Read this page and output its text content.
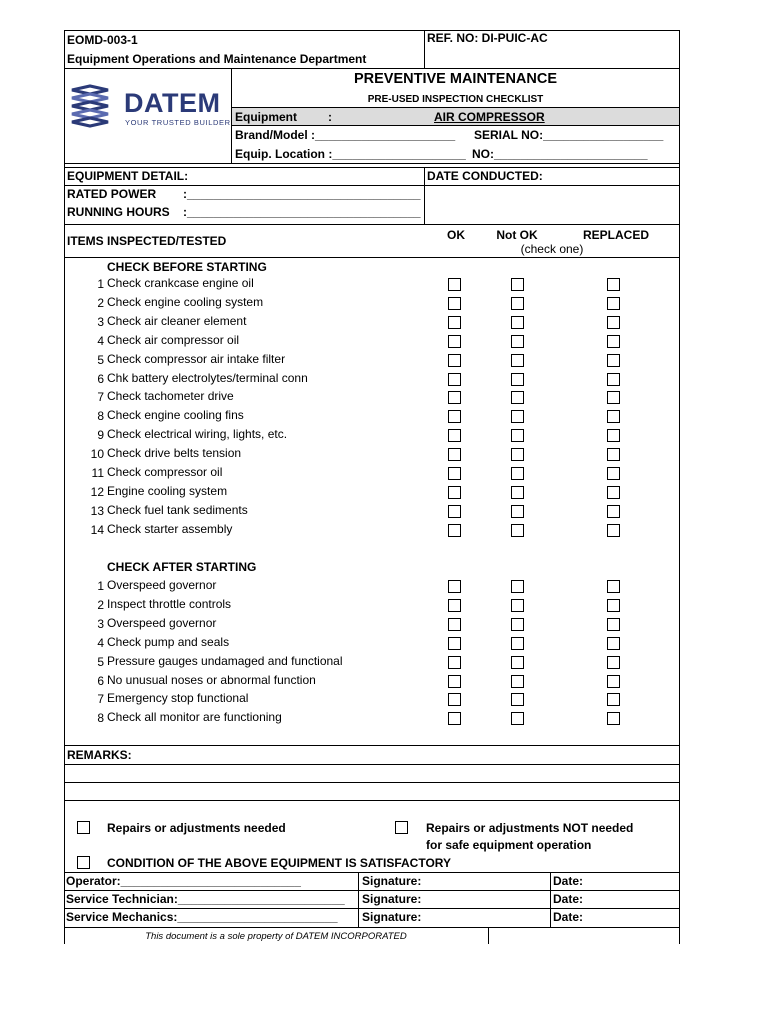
EOMD-003-1
Equipment Operations and Maintenance Department
REF. NO: DI-PUIC-AC
DATEM
YOUR TRUSTED BUILDER
PREVENTIVE MAINTENANCE
PRE-USED INSPECTION CHECKLIST
Equipment	:	AIR COMPRESSOR
Brand/Model :_____________________ SERIAL NO:__________________
Equip. Location :____________________ NO:_______________________
EQUIPMENT DETAIL:	DATE CONDUCTED:
RATED POWER :___________________________________
RUNNING HOURS :___________________________________
ITEMS INSPECTED/TESTED	OK	Not OK	REPLACED
(check one)
CHECK BEFORE STARTING
1 Check crankcase engine oil
2 Check engine cooling system
3 Check air cleaner element
4 Check air compressor oil
5 Check compressor air intake filter
6 Chk battery electrolytes/terminal conn
7 Check tachometer drive
8 Check engine cooling fins
9 Check electrical wiring, lights, etc.
10 Check drive belts tension
11 Check compressor oil
12 Engine cooling system
13 Check fuel tank sediments
14 Check starter assembly
CHECK AFTER STARTING
1 Overspeed governor
2 Inspect throttle controls
3 Overspeed governor
4 Check pump and seals
5 Pressure gauges undamaged and functional
6 No unusual noses or abnormal function
7 Emergency stop functional
8 Check all monitor are functioning
REMARKS:
Repairs or adjustments needed	Repairs or adjustments NOT needed
for safe equipment operation
CONDITION OF THE ABOVE EQUIPMENT IS SATISFACTORY
Operator:___________________________	Signature:	Date:
Service Technician:_________________________ Signature:	Date:
Service Mechanics:________________________ Signature:	Date:
This document is a sole property of DATEM INCORPORATED
